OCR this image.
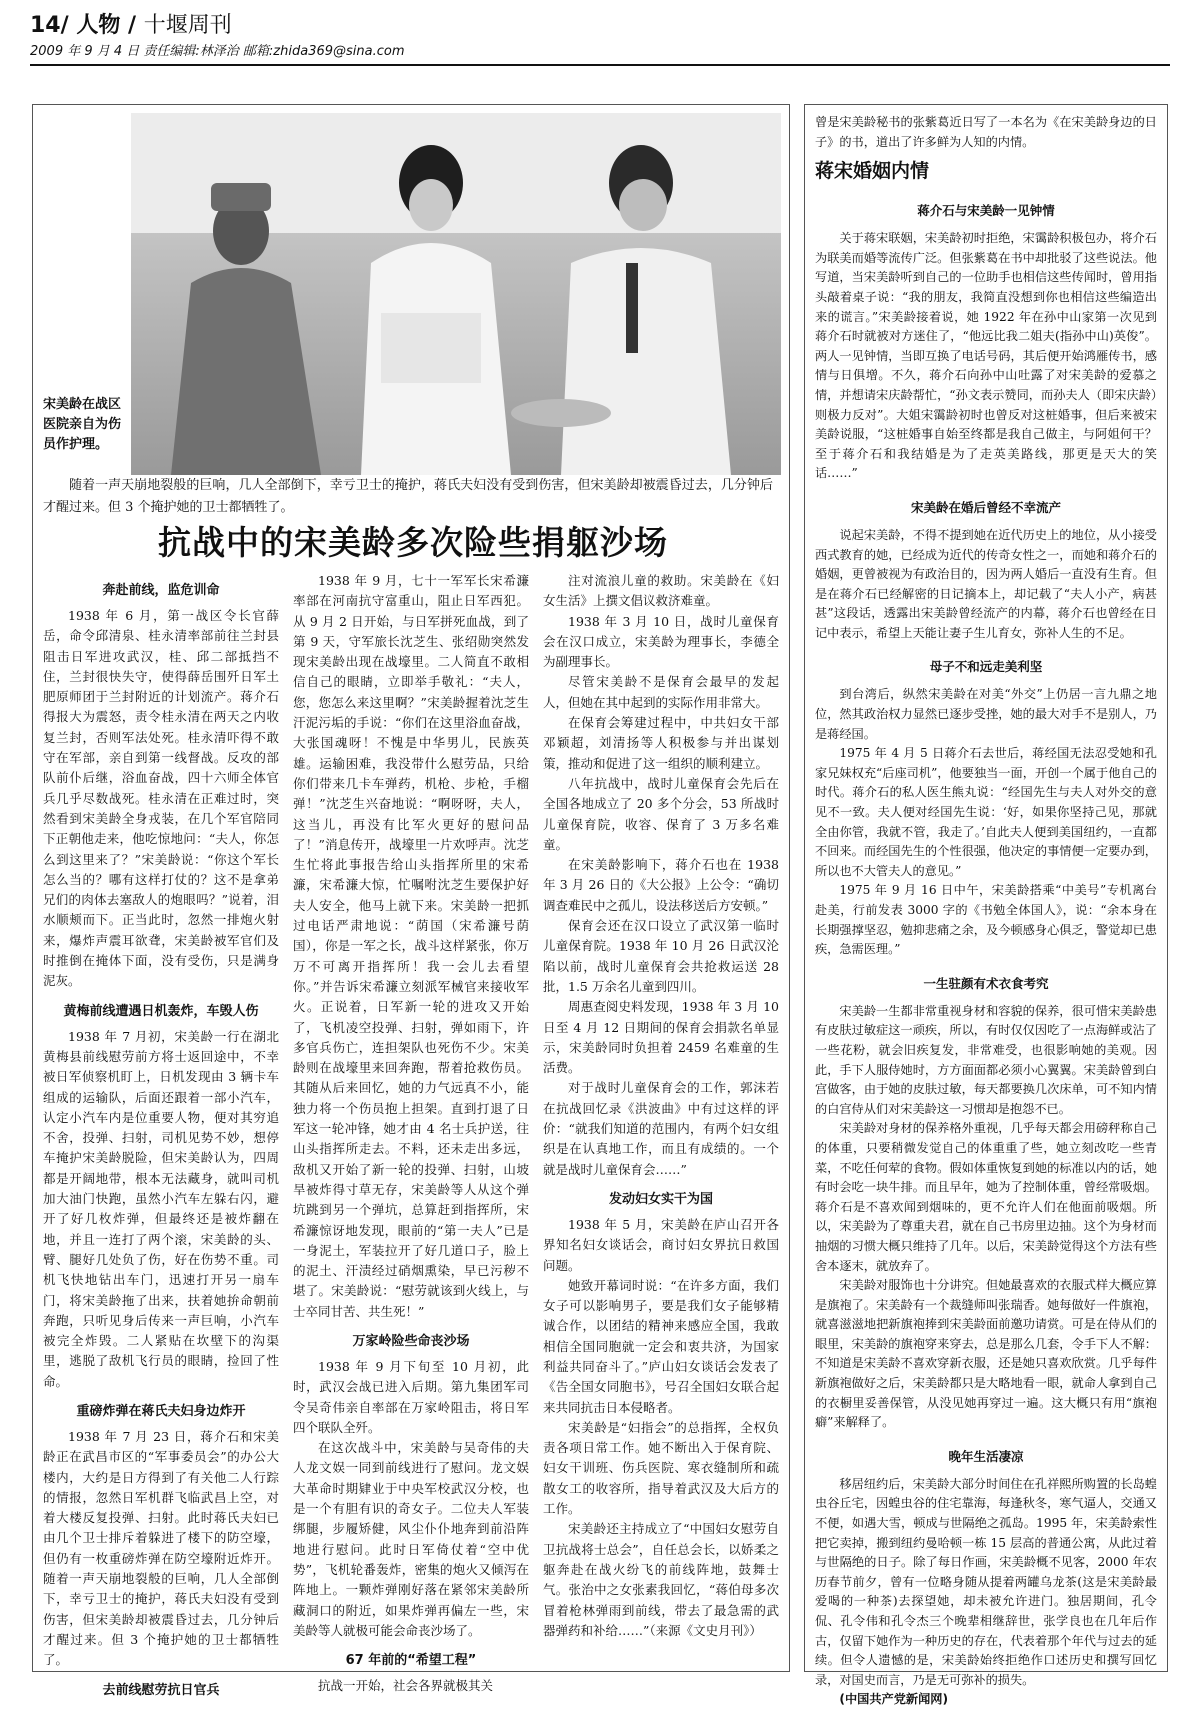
14/ 人物 / 十堰周刊
2009 年 9 月 4 日 责任编辑:林泽治 邮箱:zhida369@sina.com
宋美龄在战区医院亲自为伤员作护理。

随着一声天崩地裂般的巨响，几人全部倒下，幸亏卫士的掩护，蒋氏夫妇没有受到伤害，但宋美龄却被震昏过去，几分钟后才醒过来。但 3 个掩护她的卫士都牺牲了。

抗战中的宋美龄多次险些捐躯沙场
奔赴前线，监危训命

1938 年 6 月，第一战区令长官薛岳，命令邱清泉、桂永清率部前往兰封县阻击日军进攻武汉，桂、邱二部抵挡不住，兰封很快失守，使得薛岳围歼日军土肥原师团于兰封附近的计划流产。蒋介石得报大为震怒，责令桂永清在两天之内收复兰封，否则军法处死。桂永清吓得不敢守在军部，亲自到第一线督战。反攻的部队前仆后继，浴血奋战，四十六师全体官兵几乎尽数战死。桂永清在正难过时，突然看到宋美龄全身戎装，在几个军官陪同下正朝他走来，他吃惊地问：“夫人，你怎么到这里来了？”宋美龄说：“你这个军长怎么当的？哪有这样打仗的？这不是拿弟兄们的肉体去塞敌人的炮眼吗？”说着，泪水顺颊而下。正当此时，忽然一排炮火射来，爆炸声震耳欲聋，宋美龄被军官们及时推倒在掩体下面，没有受伤，只是满身泥灰。

黄梅前线遭遇日机轰炸，车毁人伤

1938 年 7 月初，宋美龄一行在湖北黄梅县前线慰劳前方将士返回途中，不幸被日军侦察机盯上，日机发现由 3 辆卡车组成的运输队，后面还跟着一部小汽车，认定小汽车内是位重要人物，便对其穷追不舍，投弹、扫射，司机见势不妙，想停车掩护宋美龄脱险，但宋美龄认为，四周都是开阔地带，根本无法藏身，就叫司机加大油门快跑，虽然小汽车左躲右闪，避开了好几枚炸弹，但最终还是被炸翻在地，并且一连打了两个滚，宋美龄的头、臂、腿好几处负了伤，好在伤势不重。司机飞快地钻出车门，迅速打开另一扇车门，将宋美龄拖了出来，扶着她拚命朝前奔跑，只听见身后传来一声巨响，小汽车被完全炸毁。二人紧贴在坎壁下的沟渠里，逃脱了敌机飞行员的眼睛，捡回了性命。

重磅炸弹在蒋氏夫妇身边炸开

1938 年 7 月 23 日，蒋介石和宋美龄正在武昌市区的“军事委员会”的办公大楼内，大约是日方得到了有关他二人行踪的情报，忽然日军机群飞临武昌上空，对着大楼反复投弹、扫射。此时蒋氏夫妇已由几个卫士排斥着躲进了楼下的防空壕，但仍有一枚重磅炸弹在防空壕附近炸开。随着一声天崩地裂般的巨响，几人全部倒下，幸亏卫士的掩护，蒋氏夫妇没有受到伤害，但宋美龄却被震昏过去，几分钟后才醒过来。但 3 个掩护她的卫士都牺牲了。

去前线慰劳抗日官兵

1938 年 9 月，七十一军军长宋希濂率部在河南抗守富重山，阻止日军西犯。从 9 月 2 日开始，与日军拼死血战，到了第 9 天，守军旅长沈芝生、张绍勋突然发现宋美龄出现在战壕里。二人简直不敢相信自己的眼睛，立即举手敬礼：“夫人，您，您怎么来这里啊？”宋美龄握着沈芝生汗泥污垢的手说：“你们在这里浴血奋战，大张国魂呀！不愧是中华男儿，民族英雄。运输困难，我没带什么慰劳品，只给你们带来几卡车弹药，机枪、步枪，手榴弹！”沈芝生兴奋地说：“啊呀呀，夫人，这当儿，再没有比军火更好的慰问品了！”消息传开，战壕里一片欢呼声。沈芝生忙将此事报告给山头指挥所里的宋希濂，宋希濂大惊，忙嘱咐沈芝生要保护好夫人安全，他马上就下来。宋美龄一把抓过电话严肃地说：“荫国（宋希濂号荫国），你是一军之长，战斗这样紧张，你万万不可离开指挥所！我一会儿去看望你。”并告诉宋希濂立刻派军械官来接收军火。正说着，日军新一轮的进攻又开始了，飞机凌空投弹、扫射，弹如雨下，许多官兵伤亡，连担架队也死伤不少。宋美龄则在战壕里来回奔跑，帮着抢救伤员。其随从后来回忆，她的力气远真不小，能独力将一个伤员抱上担架。直到打退了日军这一轮冲锋，她才由 4 名士兵护送，往山头指挥所走去。不料，还未走出多远，敌机又开始了新一轮的投弹、扫射，山坡旱被炸得寸草无存，宋美龄等人从这个弹坑跳到另一个弹坑，总算赶到指挥所，宋希濂惊讶地发现，眼前的“第一夫人”已是一身泥土，军装拉开了好几道口子，脸上的泥土、汗渍经过硝烟熏染，早已污秽不堪了。宋美龄说：“慰劳就该到火线上，与士卒同甘苦、共生死！”

万家岭险些命丧沙场

1938 年 9 月下旬至 10 月初，此时，武汉会战已进入后期。第九集团军司令吴奇伟亲自率部在万家岭阻击，将日军四个联队全歼。

在这次战斗中，宋美龄与吴奇伟的夫人龙文娱一同到前线进行了慰问。龙文娱大革命时期肄业于中央军校武汉分校，也是一个有胆有识的奇女子。二位夫人军装绑腿，步履矫健，风尘仆仆地奔到前沿阵地进行慰问。此时日军倚仗着“空中优势”，飞机轮番轰炸，密集的炮火又倾泻在阵地上。一颗炸弹刚好落在紧邻宋美龄所藏洞口的附近，如果炸弹再偏左一些，宋美龄等人就极可能会命丧沙场了。

67 年前的“希望工程”

抗战一开始，社会各界就极其关

注对流浪儿童的救助。宋美龄在《妇女生活》上撰文倡议救济难童。

1938 年 3 月 10 日，战时儿童保育会在汉口成立，宋美龄为理事长，李德全为副理事长。

尽管宋美龄不是保育会最早的发起人，但她在其中起到的实际作用非常大。

在保育会筹建过程中，中共妇女干部邓颖超，刘清扬等人积极参与并出谋划策，推动和促进了这一组织的顺利建立。

八年抗战中，战时儿童保育会先后在全国各地成立了 20 多个分会，53 所战时儿童保育院，收容、保育了 3 万多名难童。

在宋美龄影响下，蒋介石也在 1938 年 3 月 26 日的《大公报》上公令：“确切调查难民中之孤儿，设法移送后方安顿。”

保育会还在汉口设立了武汉第一临时儿童保育院。1938 年 10 月 26 日武汉沦陷以前，战时儿童保育会共抢救运送 28 批，1.5 万余名儿童到四川。

周惠查阅史料发现，1938 年 3 月 10 日至 4 月 12 日期间的保育会捐款名单显示，宋美龄同时负担着 2459 名难童的生活费。

对于战时儿童保育会的工作，郭沫若在抗战回忆录《洪波曲》中有过这样的评价：“就我们知道的范围内，有两个妇女组织是在认真地工作，而且有成绩的。一个就是战时儿童保育会……”

发动妇女实干为国

1938 年 5 月，宋美龄在庐山召开各界知名妇女谈话会，商讨妇女界抗日救国问题。

她致开幕词时说：“在许多方面，我们女子可以影响男子，要是我们女子能够精诚合作，以团结的精神来感应全国，我敢相信全国同胞就一定会和衷共济，为国家利益共同奋斗了。”庐山妇女谈话会发表了《告全国女同胞书》，号召全国妇女联合起来共同抗击日本侵略者。

宋美龄是“妇指会”的总指挥，全权负责各项日常工作。她不断出入于保育院、妇女干训班、伤兵医院、寒衣缝制所和疏散女工的收容所，指导着武汉及大后方的工作。

宋美龄还主持成立了“中国妇女慰劳自卫抗战将士总会”，自任总会长，以娇柔之躯奔赴在战火纷飞的前线阵地，鼓舞士气。张治中之女张素我回忆，“蒋伯母多次冒着枪林弹雨到前线，带去了最急需的武器弹药和补给……”（来源《文史月刊》）

曾是宋美龄秘书的张紫葛近日写了一本名为《在宋美龄身边的日子》的书，道出了许多鲜为人知的内情。

蒋宋婚姻内情
蒋介石与宋美龄一见钟情

关于蒋宋联姻，宋美龄初时拒绝，宋霭龄积极包办，将介石为联美而婚等流传广泛。但张紫葛在书中却批驳了这些说法。他写道，当宋美龄听到自己的一位助手也相信这些传闻时，曾用指头敲着桌子说：“我的朋友，我简直没想到你也相信这些编造出来的谎言。”宋美龄接着说，她 1922 年在孙中山家第一次见到蒋介石时就被对方迷住了，“他远比我二姐夫(指孙中山)英俊”。两人一见钟情，当即互换了电话号码，其后便开始鸿雁传书，感情与日俱增。不久，蒋介石向孙中山吐露了对宋美龄的爱慕之情，并想请宋庆龄帮忙，“孙文表示赞同，而孙夫人（即宋庆龄）则极力反对”。大姐宋霭龄初时也曾反对这桩婚事，但后来被宋美龄说服，“这桩婚事自始至终都是我自己做主，与阿姐何干？至于蒋介石和我结婚是为了走英美路线，那更是天大的笑话……”

宋美龄在婚后曾经不幸流产

说起宋美龄，不得不提到她在近代历史上的地位，从小接受西式教育的她，已经成为近代的传奇女性之一，而她和蒋介石的婚姻，更曾被视为有政治目的，因为两人婚后一直没有生育。但是在蒋介石已经解密的日记摘本上，却记载了“夫人小产，病甚甚”这段话，透露出宋美龄曾经流产的内幕，蒋介石也曾经在日记中表示，希望上天能让妻子生儿育女，弥补人生的不足。

母子不和远走美利坚

到台湾后，纵然宋美龄在对美“外交”上仍居一言九鼎之地位，然其政治权力显然已逐步受挫，她的最大对手不是别人，乃是蒋经国。

1975 年 4 月 5 日蒋介石去世后，蒋经国无法忍受她和孔家兄妹权充“后座司机”，他要独当一面，开创一个属于他自己的时代。蒋介石的私人医生熊丸说：“经国先生与夫人对外交的意见不一致。夫人便对经国先生说：‘好，如果你坚持己见，那就全由你管，我就不管，我走了。’自此夫人便到美国纽约，一直都不回来。而经国先生的个性很强，他决定的事情便一定要办到，所以也不大管夫人的意见。”

1975 年 9 月 16 日中午，宋美龄搭乘“中美号”专机离台赴美，行前发表 3000 字的《书勉全体国人》，说：“余本身在长期强撑坚忍，勉抑悲痛之余，及今顿感身心俱乏，警觉却已患疾，急需医理。”

一生驻颜有术衣食考究

宋美龄一生都非常重视身材和容貌的保养，很可惜宋美龄患有皮肤过敏症这一顽疾，所以，有时仅仅因吃了一点海鲜或沾了一些花粉，就会旧疾复发，非常难受，也很影响她的美观。因此，手下人服侍她时，方方面面都必须小心翼翼。宋美龄曾到白宫做客，由于她的皮肤过敏，每天都要换几次床单，可不知内情的白宫侍从们对宋美龄这一习惯却是抱怨不已。

宋美龄对身材的保养格外重视，几乎每天都会用磅秤称自己的体重，只要稍微发觉自己的体重重了些，她立刻改吃一些青菜，不吃任何荤的食物。假如体重恢复到她的标准以内的话，她有时会吃一块牛排。而且早年，她为了控制体重，曾经常吸烟。蒋介石是不喜欢闻到烟味的，更不允许人们在他面前吸烟。所以，宋美龄为了尊重夫君，就在自己书房里边抽。这个为身材而抽烟的习惯大概只维持了几年。以后，宋美龄觉得这个方法有些舍本逐末，就放弃了。

宋美龄对服饰也十分讲究。但她最喜欢的衣服式样大概应算是旗袍了。宋美龄有一个裁缝师叫张瑞香。她每做好一件旗袍，就喜滋滋地把新旗袍捧到宋美龄面前邀功请赏。可是在侍从们的眼里，宋美龄的旗袍穿来穿去，总是那么几套，令手下人不解：不知道是宋美龄不喜欢穿新衣服，还是她只喜欢欣赏。几乎每件新旗袍做好之后，宋美龄都只是大略地看一眼，就命人拿到自己的衣橱里妥善保管，从没见她再穿过一遍。这大概只有用“旗袍癖”来解释了。

晚年生活凄凉

移居纽约后，宋美龄大部分时间住在孔祥熙所购置的长岛蝗虫谷丘宅，因蝗虫谷的住宅靠海，每逢秋冬，寒气逼人，交通又不便，如遇大雪，顿成与世隔绝之孤岛。1995 年，宋美龄索性把它卖掉，搬到纽约曼哈顿一栋 15 层高的普通公寓，从此过着与世隔绝的日子。除了每日作画，宋美龄概不见客，2000 年农历春节前夕，曾有一位略身随从提着两罐乌龙茶(这是宋美龄最爱喝的一种茶)去探望她，却未被允许进门。独居期间，孔令侃、孔令伟和孔令杰三个晚辈相继辞世，张学良也在几年后作古，仅留下她作为一种历史的存在，代表着那个年代与过去的延续。但令人遗憾的是，宋美龄始终拒绝作口述历史和撰写回忆录，对国史而言，乃是无可弥补的损失。

(中国共产党新闻网)
